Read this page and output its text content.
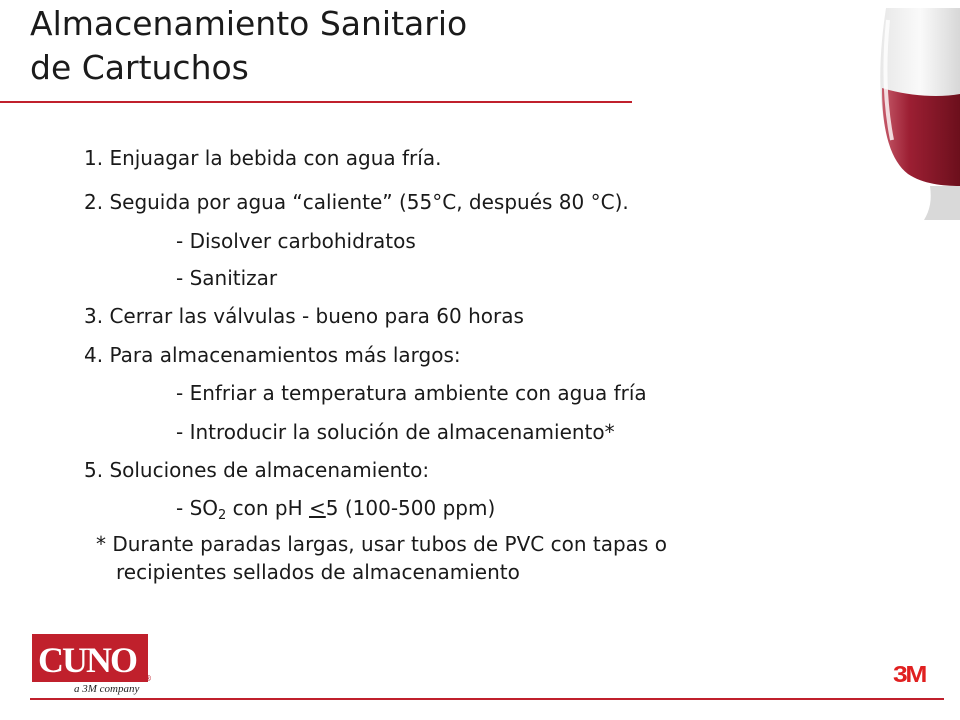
Almacenamiento Sanitario
de Cartuchos
1. Enjuagar la bebida con agua fría.
2. Seguida por agua “caliente” (55°C, después 80 °C).
- Disolver carbohidratos
- Sanitizar
3. Cerrar las válvulas - bueno para 60 horas
4. Para almacenamientos más largos:
- Enfriar a temperatura ambiente con agua fría
- Introducir la solución de almacenamiento*
5. Soluciones de almacenamiento:
- $SO_2$ con pH ≤5 (100-500 ppm)
* Durante paradas largas, usar tubos de PVC con tapas o
recipientes sellados de almacenamiento
CUNO ®
a 3M company
3M
